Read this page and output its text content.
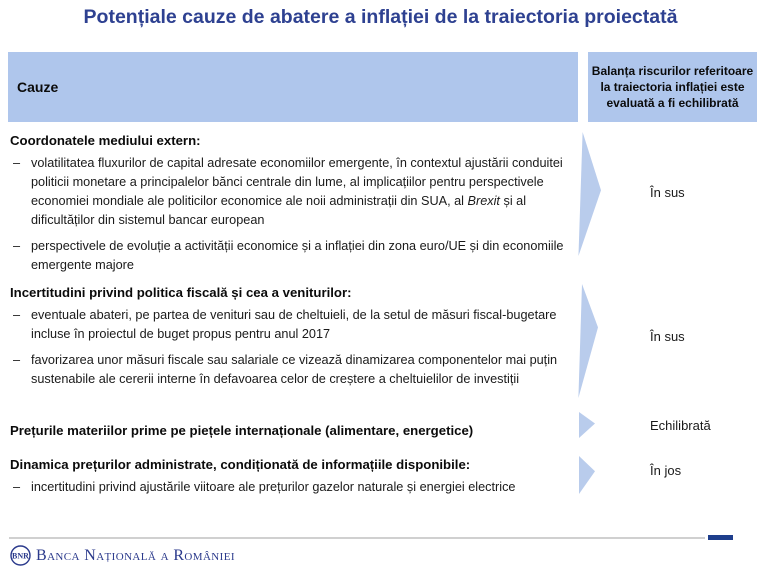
Potențiale cauze de abatere a inflației de la traiectoria proiectată
Cauze
Balanța riscurilor referitoare la traiectoria inflației este evaluată a fi echilibrată
Coordonatele mediului extern:
– volatilitatea fluxurilor de capital adresate economiilor emergente, în contextul ajustării conduitei politicii monetare a principalelor bănci centrale din lume, al implicațiilor pentru perspectivele economiei mondiale ale politicilor economice ale noii administrații din SUA, al Brexit și al dificultăților din sistemul bancar european
– perspectivele de evoluție a activității economice și a inflației din zona euro/UE și din economiile emergente majore
Incertitudini privind politica fiscală și cea a veniturilor:
– eventuale abateri, pe partea de venituri sau de cheltuieli, de la setul de măsuri fiscal-bugetare incluse în proiectul de buget propus pentru anul 2017
– favorizarea unor măsuri fiscale sau salariale ce vizează dinamizarea componentelor mai puțin sustenabile ale cererii interne în defavoarea celor de creștere a cheltuielilor de investiții
Prețurile materiilor prime pe piețele internaționale (alimentare, energetice)
Dinamica prețurilor administrate, condiționată de informațiile disponibile:
– incertitudini privind ajustările viitoare ale prețurilor gazelor naturale și energiei electrice
În sus
În sus
Echilibrată
În jos
BNR Banca Națională a României
